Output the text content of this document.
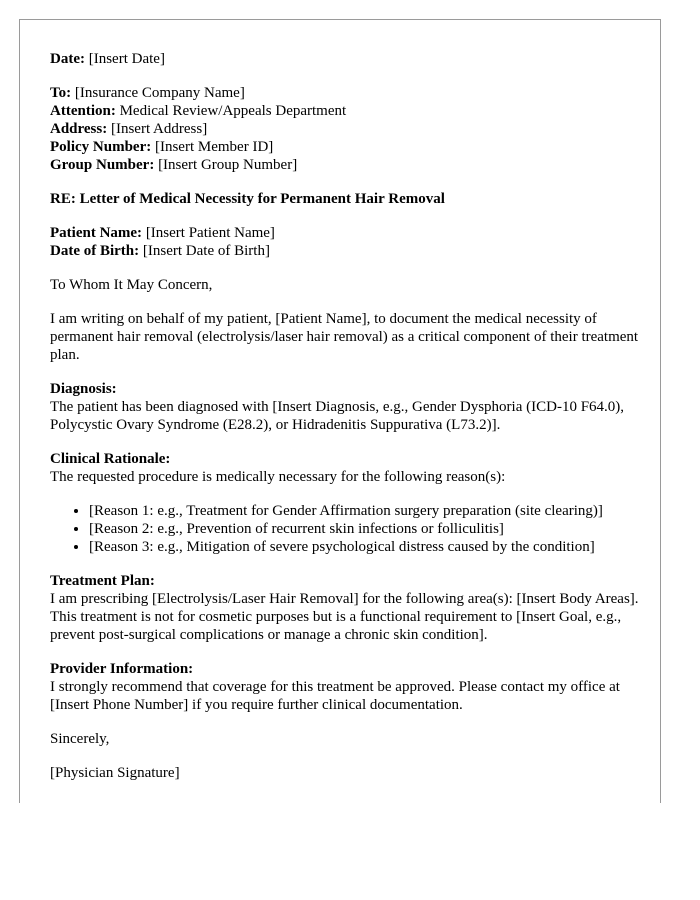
Date: [Insert Date]

To: [Insurance Company Name]
Attention: Medical Review/Appeals Department
Address: [Insert Address]
Policy Number: [Insert Member ID]
Group Number: [Insert Group Number]

RE: Letter of Medical Necessity for Permanent Hair Removal

Patient Name: [Insert Patient Name]
Date of Birth: [Insert Date of Birth]

To Whom It May Concern,

I am writing on behalf of my patient, [Patient Name], to document the medical necessity of permanent hair removal (electrolysis/laser hair removal) as a critical component of their treatment plan.

Diagnosis:
The patient has been diagnosed with [Insert Diagnosis, e.g., Gender Dysphoria (ICD-10 F64.0), Polycystic Ovary Syndrome (E28.2), or Hidradenitis Suppurativa (L73.2)].

Clinical Rationale:
The requested procedure is medically necessary for the following reason(s):
• [Reason 1: e.g., Treatment for Gender Affirmation surgery preparation (site clearing)]
• [Reason 2: e.g., Prevention of recurrent skin infections or folliculitis]
• [Reason 3: e.g., Mitigation of severe psychological distress caused by the condition]

Treatment Plan:
I am prescribing [Electrolysis/Laser Hair Removal] for the following area(s): [Insert Body Areas]. This treatment is not for cosmetic purposes but is a functional requirement to [Insert Goal, e.g., prevent post-surgical complications or manage a chronic skin condition].

Provider Information:
I strongly recommend that coverage for this treatment be approved. Please contact my office at [Insert Phone Number] if you require further clinical documentation.

Sincerely,

[Physician Signature]
